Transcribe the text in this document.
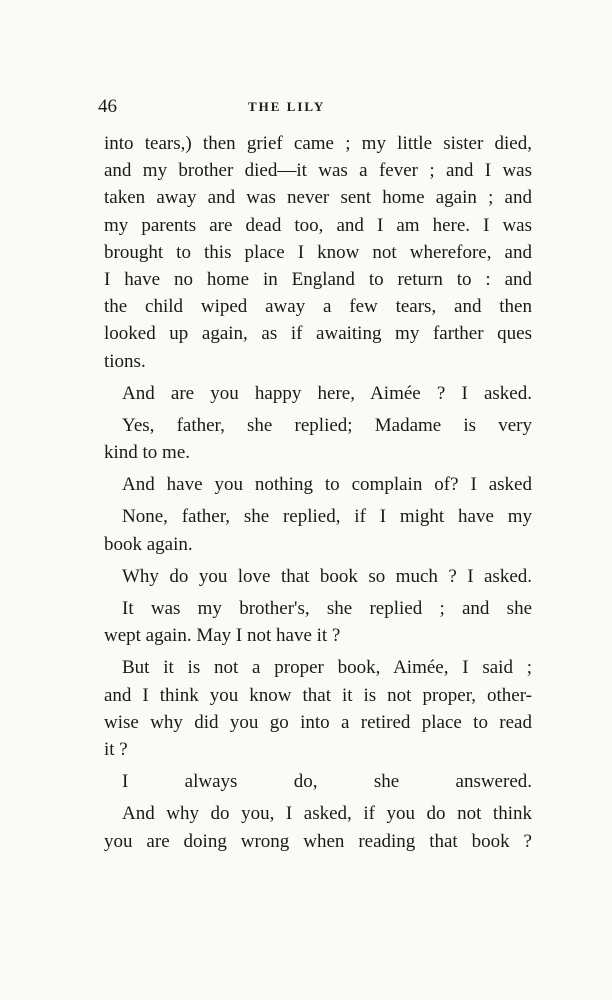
46	THE LILY
into tears,) then grief came ; my little sister died,
and my brother died—it was a fever ; and I was
taken away and was never sent home again ; and
my parents are dead too, and I am here. I was
brought to this place I know not wherefore, and
I have no home in England to return to : and
the child wiped away a few tears, and then
looked up again, as if awaiting my farther ques
tions.
And are you happy here, Aimée ? I asked.
Yes, father, she replied; Madame is very
kind to me.
And have you nothing to complain of? I asked
None, father, she replied, if I might have my
book again.
Why do you love that book so much ? I asked.
It was my brother's, she replied ; and she
wept again. May I not have it ?
But it is not a proper book, Aimée, I said ;
and I think you know that it is not proper, other-
wise why did you go into a retired place to read
it ?
I always do, she answered.
And why do you, I asked, if you do not think
you are doing wrong when reading that book ?
